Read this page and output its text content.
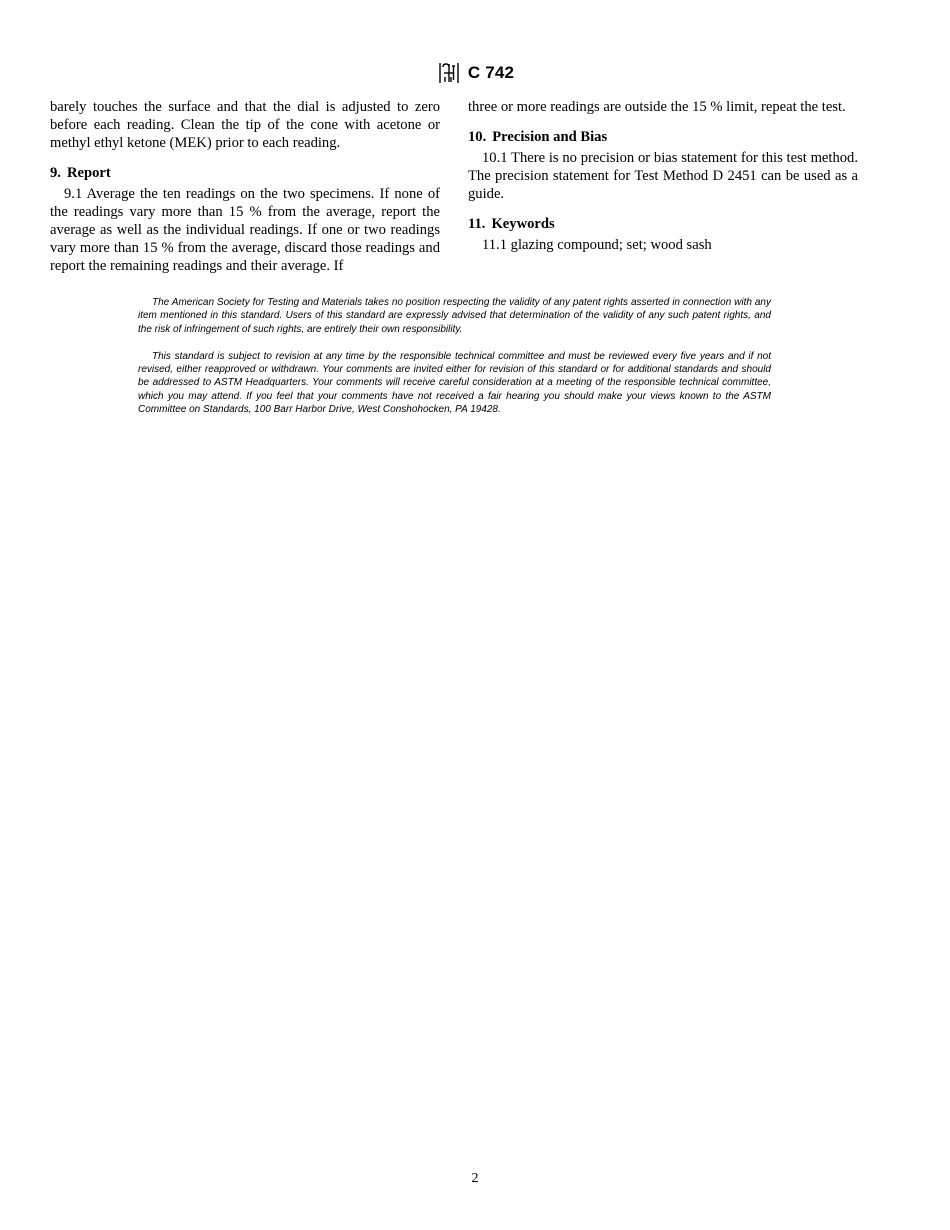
C 742

barely touches the surface and that the dial is adjusted to zero before each reading. Clean the tip of the cone with acetone or methyl ethyl ketone (MEK) prior to each reading.

9. Report

9.1 Average the ten readings on the two specimens. If none of the readings vary more than 15 % from the average, report the average as well as the individual readings. If one or two readings vary more than 15 % from the average, discard those readings and report the remaining readings and their average. If

three or more readings are outside the 15 % limit, repeat the test.

10. Precision and Bias

10.1 There is no precision or bias statement for this test method. The precision statement for Test Method D 2451 can be used as a guide.

11. Keywords

11.1 glazing compound; set; wood sash

The American Society for Testing and Materials takes no position respecting the validity of any patent rights asserted in connection with any item mentioned in this standard. Users of this standard are expressly advised that determination of the validity of any such patent rights, and the risk of infringement of such rights, are entirely their own responsibility.

This standard is subject to revision at any time by the responsible technical committee and must be reviewed every five years and if not revised, either reapproved or withdrawn. Your comments are invited either for revision of this standard or for additional standards and should be addressed to ASTM Headquarters. Your comments will receive careful consideration at a meeting of the responsible technical committee, which you may attend. If you feel that your comments have not received a fair hearing you should make your views known to the ASTM Committee on Standards, 100 Barr Harbor Drive, West Conshohocken, PA 19428.

2
